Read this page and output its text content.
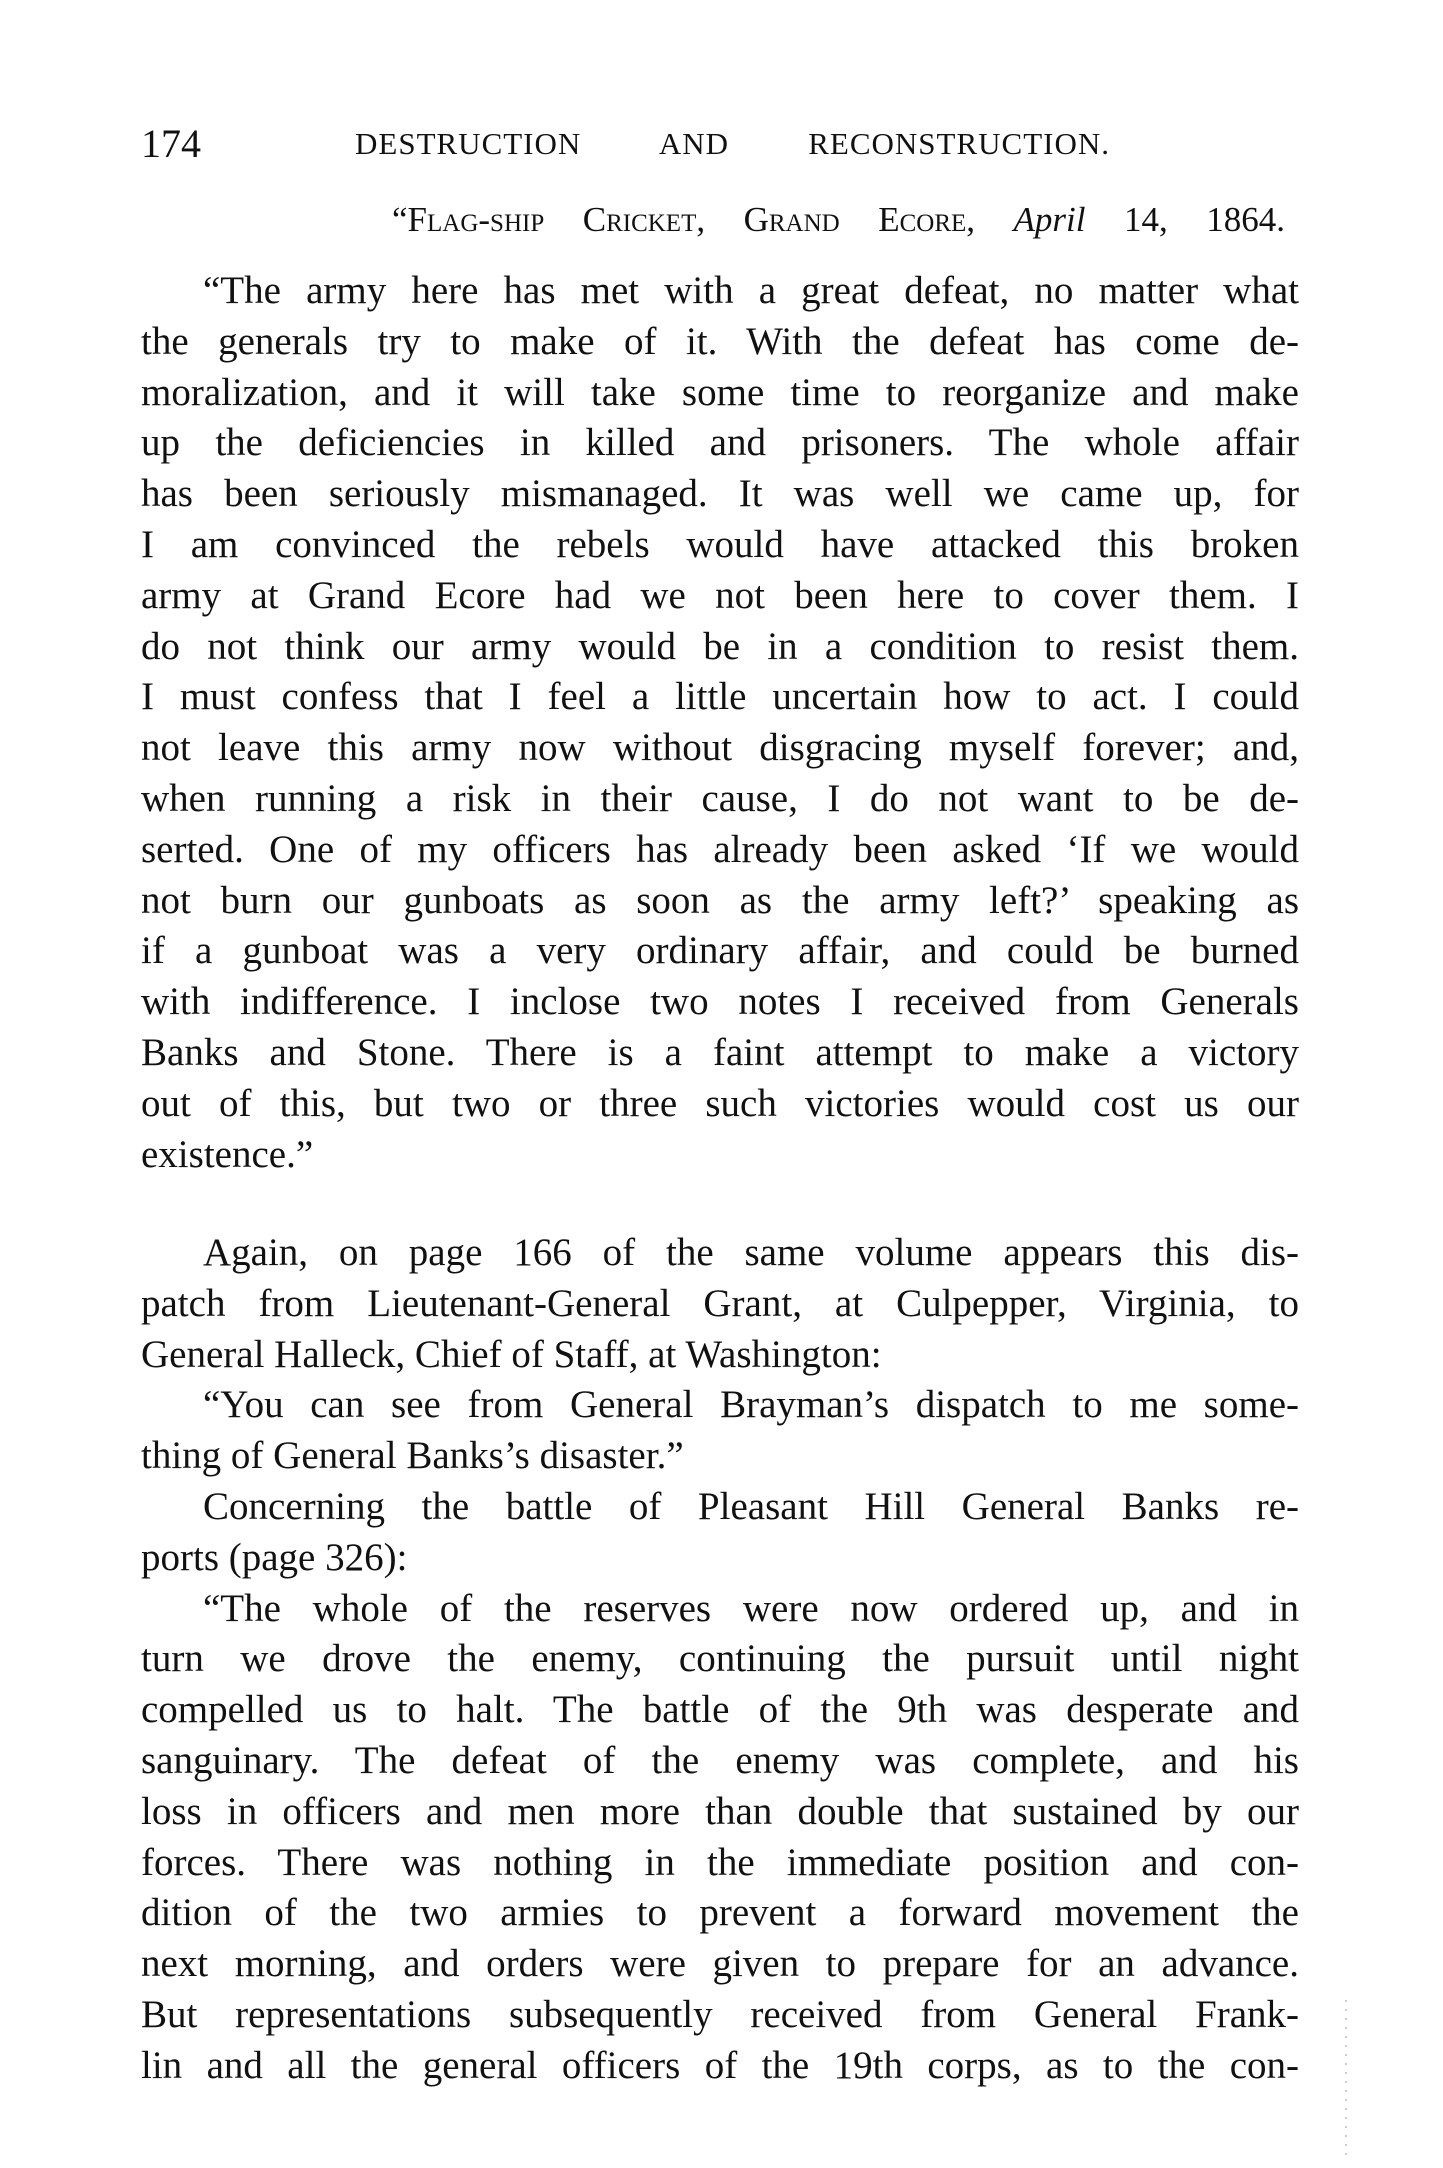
174	DESTRUCTION AND RECONSTRUCTION.
“Flag-ship Cricket, Grand Ecore, April 14, 1864.
“The army here has met with a great defeat, no matter what
the generals try to make of it. With the defeat has come de-
moralization, and it will take some time to reorganize and make
up the deficiencies in killed and prisoners. The whole affair
has been seriously mismanaged. It was well we came up, for
I am convinced the rebels would have attacked this broken
army at Grand Ecore had we not been here to cover them. I
do not think our army would be in a condition to resist them.
I must confess that I feel a little uncertain how to act. I could
not leave this army now without disgracing myself forever; and,
when running a risk in their cause, I do not want to be de-
serted. One of my officers has already been asked ‘If we would
not burn our gunboats as soon as the army left?’ speaking as
if a gunboat was a very ordinary affair, and could be burned
with indifference. I inclose two notes I received from Generals
Banks and Stone. There is a faint attempt to make a victory
out of this, but two or three such victories would cost us our
existence.”
Again, on page 166 of the same volume appears this dis-
patch from Lieutenant-General Grant, at Culpepper, Virginia, to
General Halleck, Chief of Staff, at Washington:
“You can see from General Brayman’s dispatch to me some-
thing of General Banks’s disaster.”
Concerning the battle of Pleasant Hill General Banks re-
ports (page 326):
“The whole of the reserves were now ordered up, and in
turn we drove the enemy, continuing the pursuit until night
compelled us to halt. The battle of the 9th was desperate and
sanguinary. The defeat of the enemy was complete, and his
loss in officers and men more than double that sustained by our
forces. There was nothing in the immediate position and con-
dition of the two armies to prevent a forward movement the
next morning, and orders were given to prepare for an advance.
But representations subsequently received from General Frank-
lin and all the general officers of the 19th corps, as to the con-
